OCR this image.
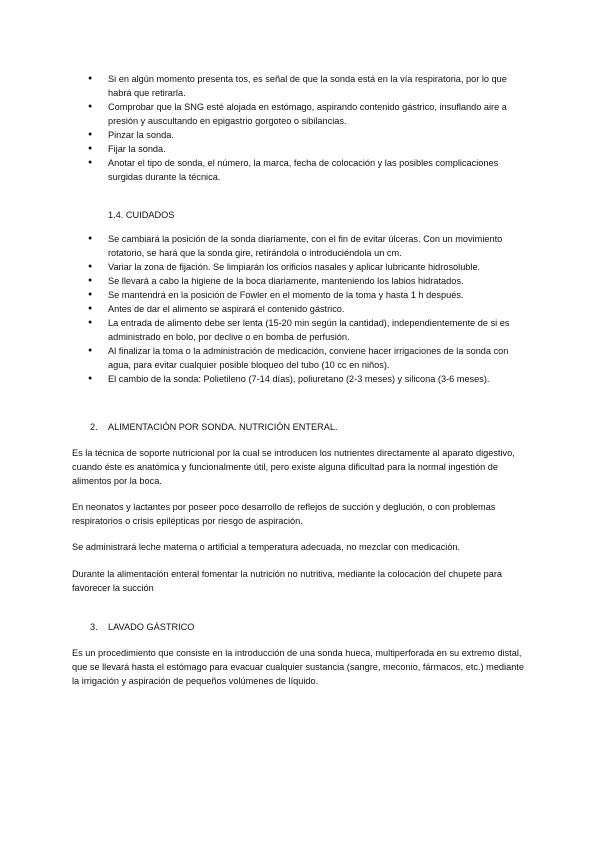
● Si en algún momento presenta tos, es señal de que la sonda está en la vía respiratoria, por lo que habrá que retirarla.
● Comprobar que la SNG esté alojada en estómago, aspirando contenido gástrico, insuflando aire a presión y auscultando en epigastrio gorgoteo o sibilancias.
● Pinzar la sonda.
● Fijar la sonda.
● Anotar el tipo de sonda, el número, la marca, fecha de colocación y las posibles complicaciones surgidas durante la técnica.
1.4. CUIDADOS
● Se cambiará la posición de la sonda diariamente, con el fin de evitar úlceras. Con un movimiento rotatorio, se hará que la sonda gire, retirándola o introduciéndola un cm.
● Variar la zona de fijación. Se limpiarán los orificios nasales y aplicar lubricante hidrosoluble.
● Se llevará a cabo la higiene de la boca diariamente, manteniendo los labios hidratados.
● Se mantendrá en la posición de Fowler en el momento de la toma y hasta 1 h después.
● Antes de dar el alimento se aspirará el contenido gástrico.
● La entrada de alimento debe ser lenta (15-20 min según la cantidad), independientemente de si es administrado en bolo, por declive o en bomba de perfusión.
● Al finalizar la toma o la administración de medicación, conviene hacer irrigaciones de la sonda con agua, para evitar cualquier posible bloqueo del tubo (10 cc en niños).
● El cambio de la sonda: Polietileno (7-14 días), poliuretano (2-3 meses) y silicona (3-6 meses).
2. ALIMENTACIÓN POR SONDA. NUTRICIÓN ENTERAL.

Es la técnica de soporte nutricional por la cual se introducen los nutrientes directamente al aparato digestivo, cuando éste es anatómica y funcionalmente útil, pero existe alguna dificultad para la normal ingestión de alimentos por la boca.

En neonatos y lactantes por poseer poco desarrollo de reflejos de succión y deglución, o con problemas respiratorios o crisis epilépticas por riesgo de aspiración.

Se administrará leche materna o artificial a temperatura adecuada, no mezclar con medicación.

Durante la alimentación enteral fomentar la nutrición no nutritiva, mediante la colocación del chupete para favorecer la succión

3. LAVADO GÁSTRICO

Es un procedimiento que consiste en la introducción de una sonda hueca, multiperforada en su extremo distal, que se llevará hasta el estómago para evacuar cualquier sustancia (sangre, meconio, fármacos, etc.) mediante la irrigación y aspiración de pequeños volúmenes de líquido.
